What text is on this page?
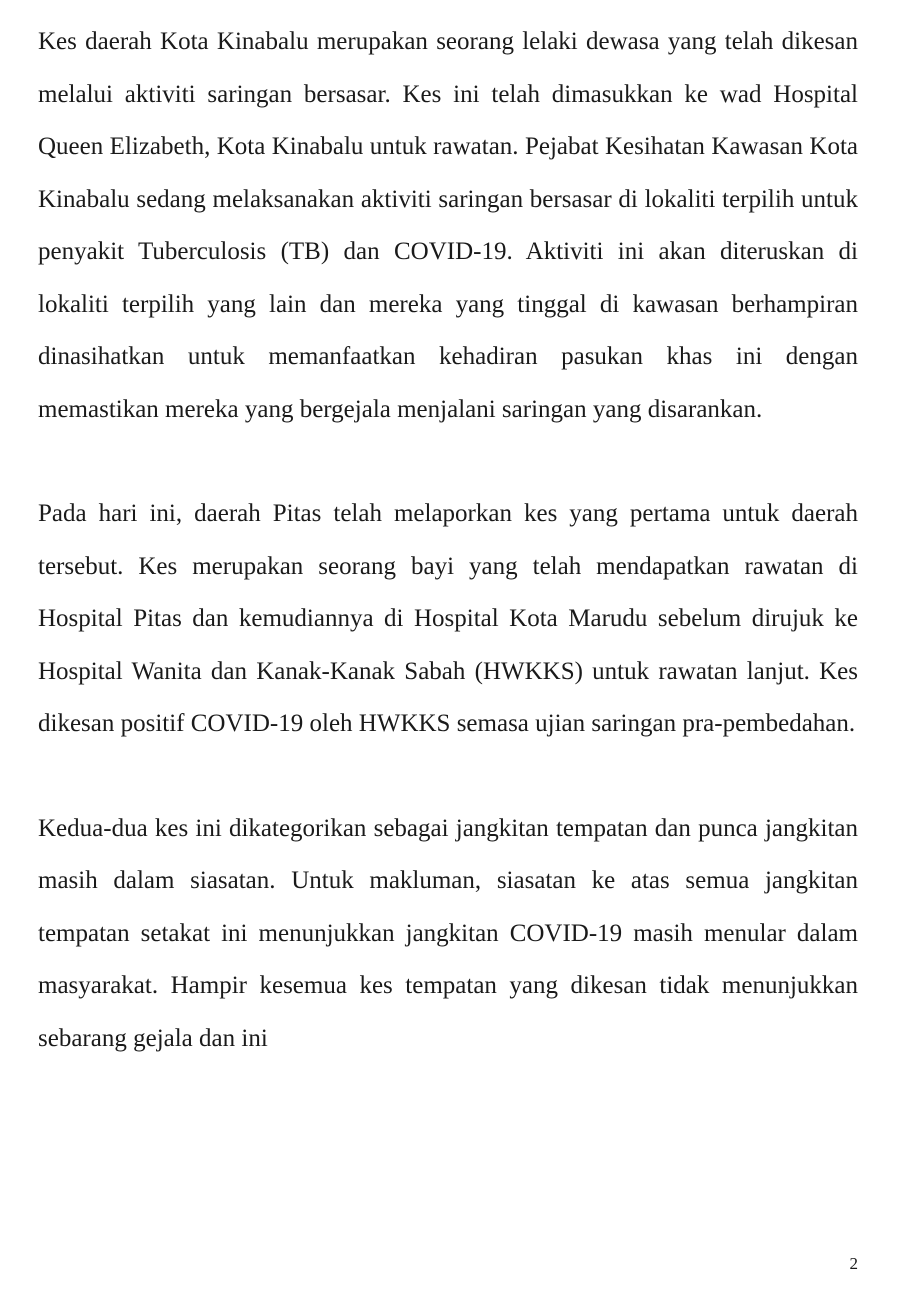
Kes daerah Kota Kinabalu merupakan seorang lelaki dewasa yang telah dikesan melalui aktiviti saringan bersasar. Kes ini telah dimasukkan ke wad Hospital Queen Elizabeth, Kota Kinabalu untuk rawatan. Pejabat Kesihatan Kawasan Kota Kinabalu sedang melaksanakan aktiviti saringan bersasar di lokaliti terpilih untuk penyakit Tuberculosis (TB) dan COVID-19. Aktiviti ini akan diteruskan di lokaliti terpilih yang lain dan mereka yang tinggal di kawasan berhampiran dinasihatkan untuk memanfaatkan kehadiran pasukan khas ini dengan memastikan mereka yang bergejala menjalani saringan yang disarankan.

Pada hari ini, daerah Pitas telah melaporkan kes yang pertama untuk daerah tersebut. Kes merupakan seorang bayi yang telah mendapatkan rawatan di Hospital Pitas dan kemudiannya di Hospital Kota Marudu sebelum dirujuk ke Hospital Wanita dan Kanak-Kanak Sabah (HWKKS) untuk rawatan lanjut. Kes dikesan positif COVID-19 oleh HWKKS semasa ujian saringan pra-pembedahan.

Kedua-dua kes ini dikategorikan sebagai jangkitan tempatan dan punca jangkitan masih dalam siasatan. Untuk makluman, siasatan ke atas semua jangkitan tempatan setakat ini menunjukkan jangkitan COVID-19 masih menular dalam masyarakat. Hampir kesemua kes tempatan yang dikesan tidak menunjukkan sebarang gejala dan ini

2
